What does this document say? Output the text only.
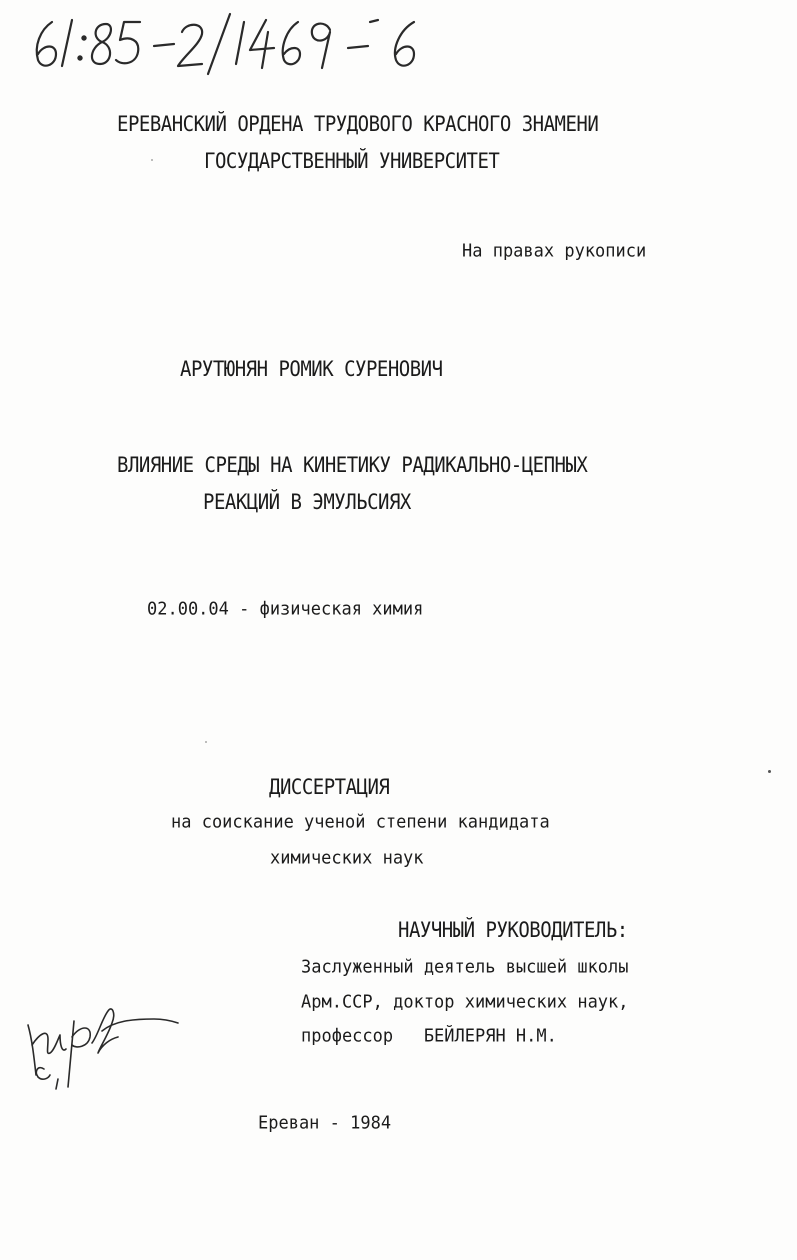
ЕРЕВАНСКИЙ ОРДЕНА ТРУДОВОГО КРАСНОГО ЗНАМЕНИ

ГОСУДАРСТВЕННЫЙ УНИВЕРСИТЕТ

На правах рукописи

АРУТЮНЯН РОМИК СУРЕНОВИЧ

ВЛИЯНИЕ СРЕДЫ НА КИНЕТИКУ РАДИКАЛЬНО-ЦЕПНЫХ

РЕАКЦИЙ В ЭМУЛЬСИЯХ

02.00.04 - физическая химия

ДИССЕРТАЦИЯ

на соискание ученой степени кандидата

химических наук

НАУЧНЫЙ РУКОВОДИТЕЛЬ:

Заслуженный деятель высшей школы

Арм.ССР, доктор химических наук,

профессор   БЕЙЛЕРЯН Н.М.

Ереван - 1984
